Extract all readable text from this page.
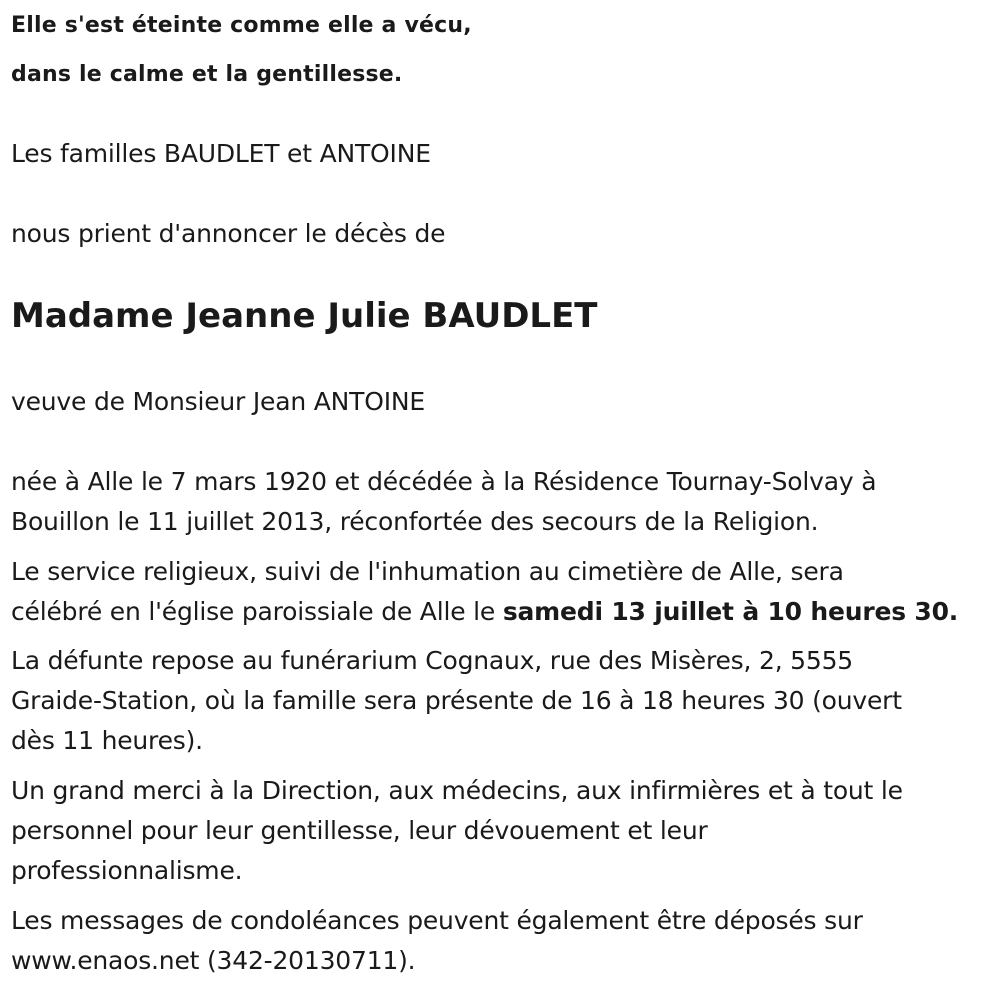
Elle s'est éteinte comme elle a vécu,
dans le calme et la gentillesse.
Les familles BAUDLET et ANTOINE
nous prient d'annoncer le décès de
Madame Jeanne Julie BAUDLET
veuve de Monsieur Jean ANTOINE
née à Alle le 7 mars 1920 et décédée à la Résidence Tournay-Solvay à
Bouillon le 11 juillet 2013, réconfortée des secours de la Religion.
Le service religieux, suivi de l'inhumation au cimetière de Alle, sera
célébré en l'église paroissiale de Alle le samedi 13 juillet à 10 heures 30.
La défunte repose au funérarium Cognaux, rue des Misères, 2, 5555
Graide-Station, où la famille sera présente de 16 à 18 heures 30 (ouvert
dès 11 heures).
Un grand merci à la Direction, aux médecins, aux infirmières et à tout le
personnel pour leur gentillesse, leur dévouement et leur
professionnalisme.
Les messages de condoléances peuvent également être déposés sur
www.enaos.net (342-20130711).
